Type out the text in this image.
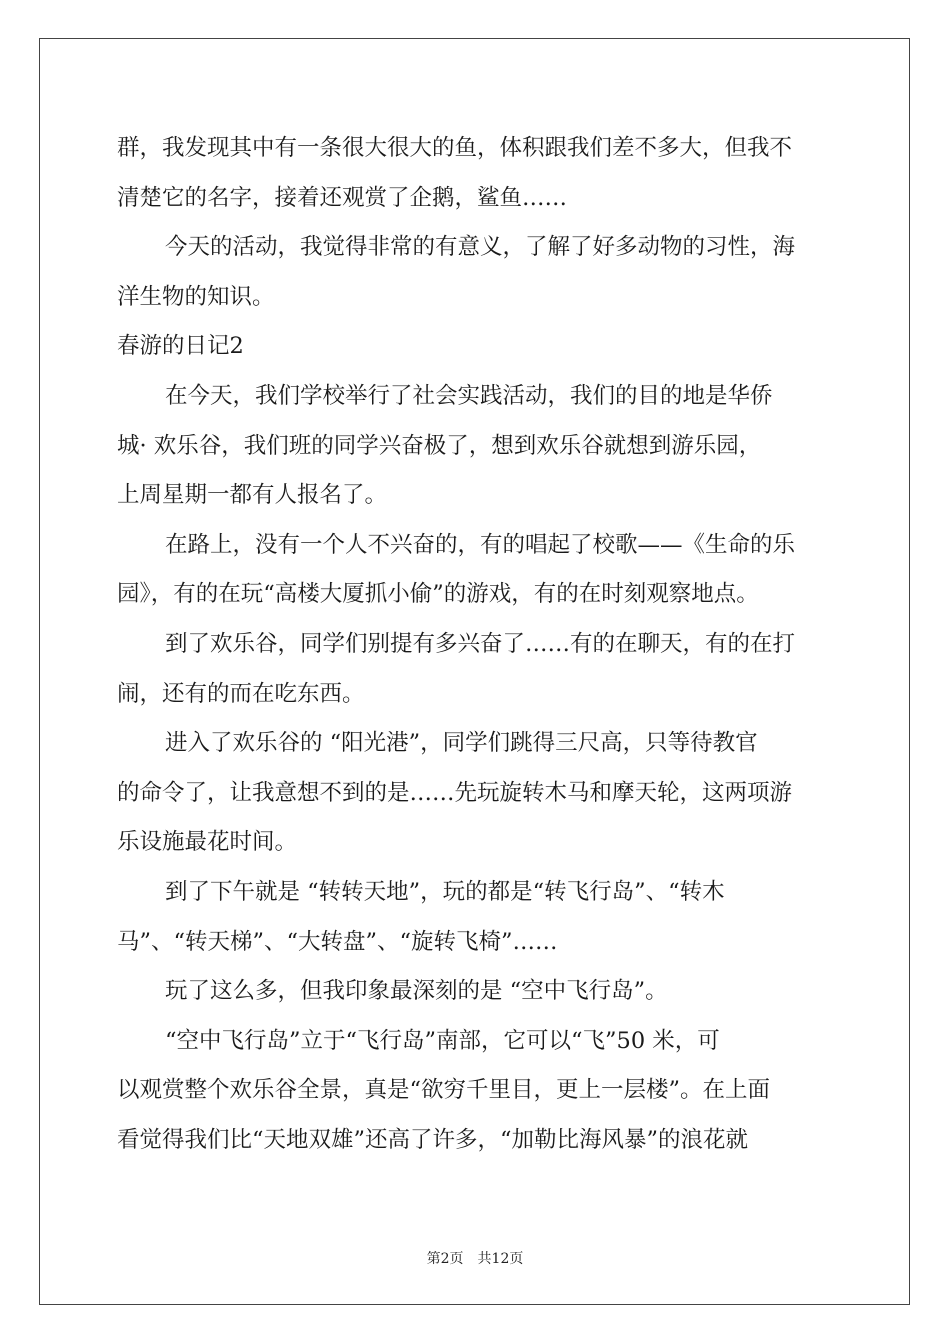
群，我发现其中有一条很大很大的鱼，体积跟我们差不多大，但我不
清楚它的名字，接着还观赏了企鹅，鲨鱼……
今天的活动，我觉得非常的有意义，了解了好多动物的习性，海
洋生物的知识。
春游的日记2
在今天，我们学校举行了社会实践活动，我们的目的地是华侨
城· 欢乐谷，我们班的同学兴奋极了，想到欢乐谷就想到游乐园，
上周星期一都有人报名了。
在路上，没有一个人不兴奋的，有的唱起了校歌——《生命的乐
园》，有的在玩“高楼大厦抓小偷”的游戏，有的在时刻观察地点。
到了欢乐谷，同学们别提有多兴奋了……有的在聊天，有的在打
闹，还有的而在吃东西。
进入了欢乐谷的 “阳光港”，同学们跳得三尺高，只等待教官
的命令了，让我意想不到的是……先玩旋转木马和摩天轮，这两项游
乐设施最花时间。
到了下午就是 “转转天地”，玩的都是“转飞行岛”、“转木
马”、“转天梯”、“大转盘”、“旋转飞椅”……
玩了这么多，但我印象最深刻的是 “空中飞行岛”。
“空中飞行岛”立于“飞行岛”南部，它可以“飞”50 米，可
以观赏整个欢乐谷全景，真是“欲穷千里目，更上一层楼”。在上面
看觉得我们比“天地双雄”还高了许多，“加勒比海风暴”的浪花就
第2页　共12页
